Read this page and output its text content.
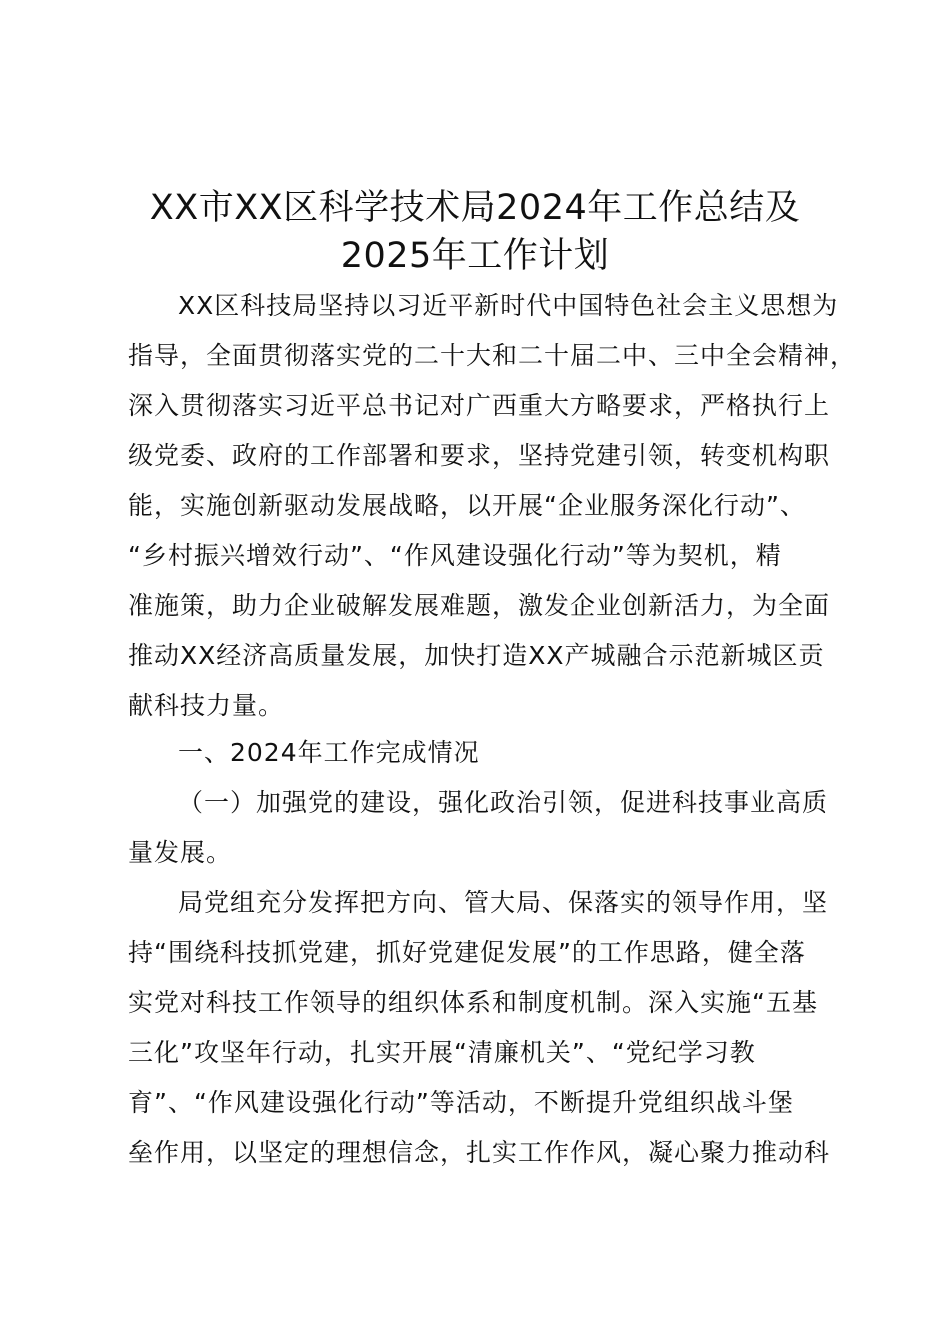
XX市XX区科学技术局2024年工作总结及
2025年工作计划
XX区科技局坚持以习近平新时代中国特色社会主义思想为
指导，全面贯彻落实党的二十大和二十届二中、三中全会精神，
深入贯彻落实习近平总书记对广西重大方略要求，严格执行上
级党委、政府的工作部署和要求，坚持党建引领，转变机构职
能，实施创新驱动发展战略，以开展“企业服务深化行动”、
“乡村振兴增效行动”、“作风建设强化行动”等为契机，精
准施策，助力企业破解发展难题，激发企业创新活力，为全面
推动XX经济高质量发展，加快打造XX产城融合示范新城区贡
献科技力量。
一、2024年工作完成情况
（一）加强党的建设，强化政治引领，促进科技事业高质
量发展。
局党组充分发挥把方向、管大局、保落实的领导作用，坚
持“围绕科技抓党建，抓好党建促发展”的工作思路，健全落
实党对科技工作领导的组织体系和制度机制。深入实施“五基
三化”攻坚年行动，扎实开展“清廉机关”、“党纪学习教
育”、“作风建设强化行动”等活动，不断提升党组织战斗堡
垒作用，以坚定的理想信念，扎实工作作风，凝心聚力推动科
